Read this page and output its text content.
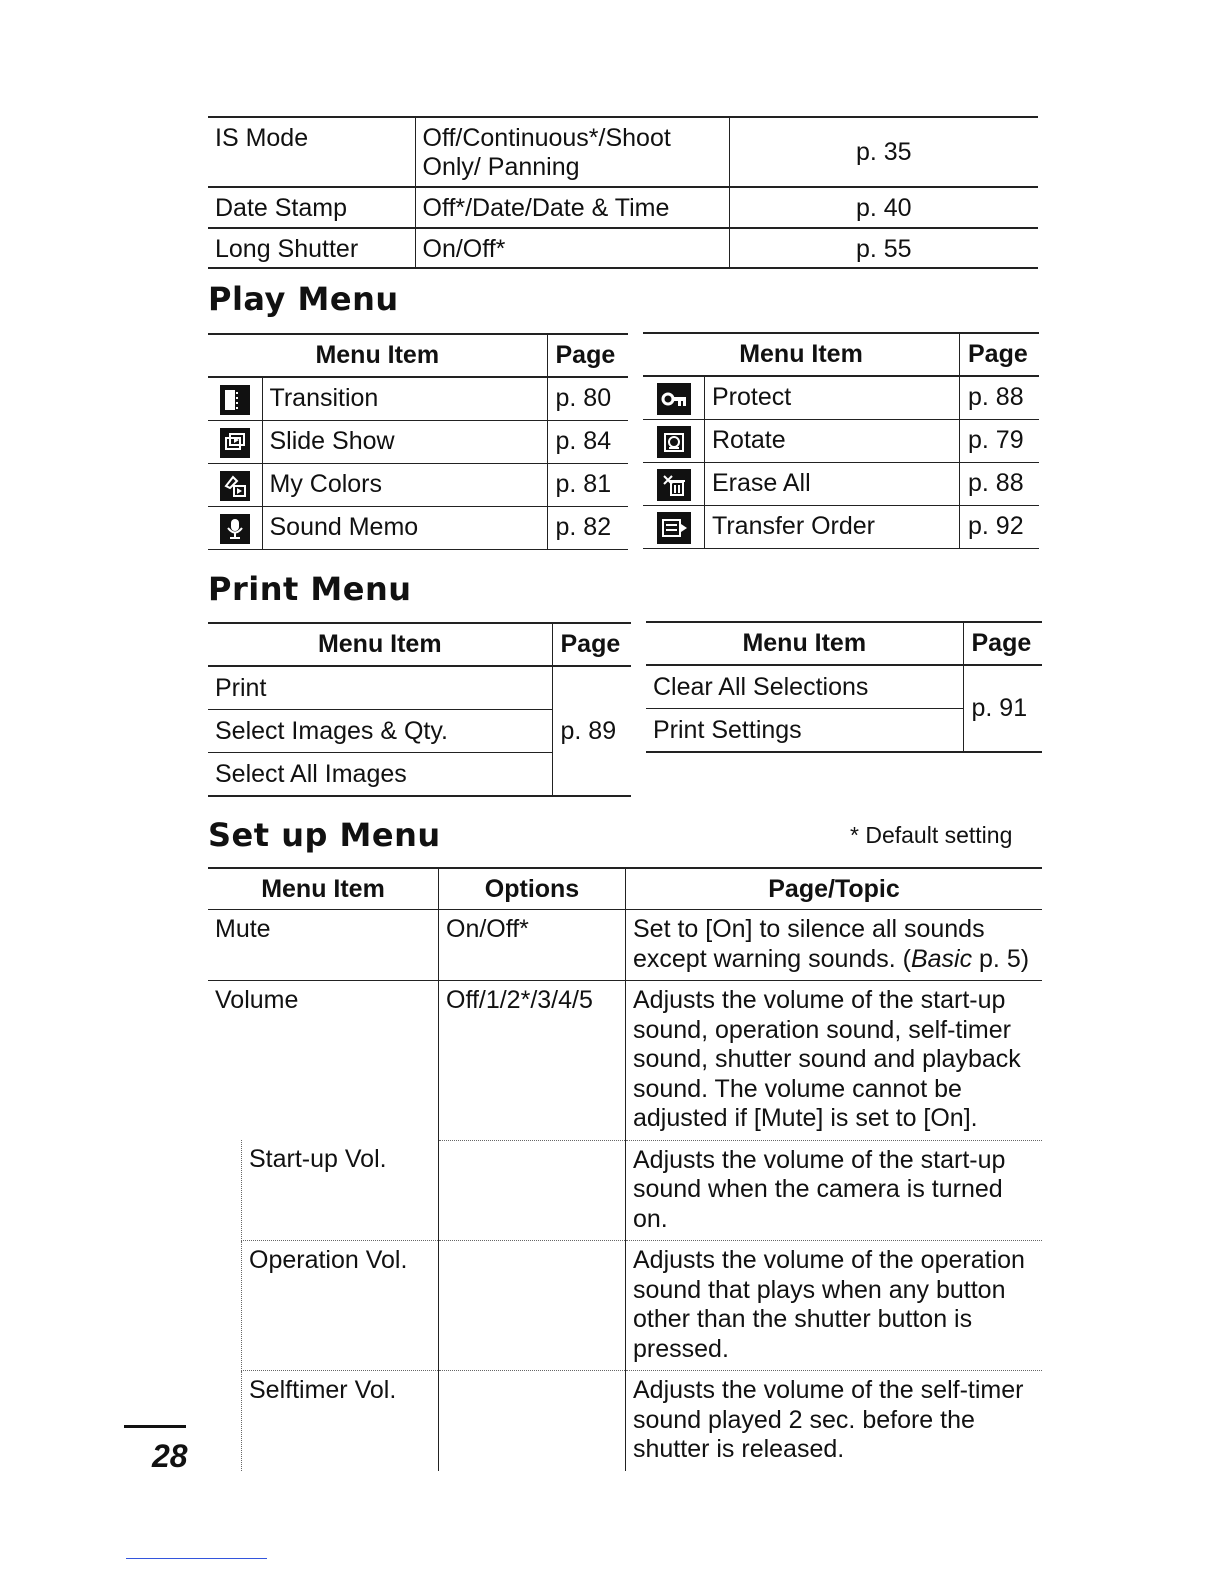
IS Mode	Off/Continuous*/Shoot Only/ Panning	p. 35
Date Stamp	Off*/Date/Date & Time	p. 40
Long Shutter	On/Off*	p. 55
Play Menu
Menu Item		Page

	Transition	p. 80

	Slide Show	p. 84

	My Colors	p. 81

	Sound Memo	p. 82
Menu Item		Page

	Protect	p. 88

	Rotate	p. 79

	Erase All	p. 88

	Transfer Order	p. 92
Print Menu
Menu Item	Page
Print	p. 89
Select Images & Qty.	
Select All Images	
Menu Item	Page
Clear All Selections	p. 91
Print Settings	
Set up Menu	* Default setting
Menu Item		Options	Page/Topic
Mute		On/Off*	Set to [On] to silence all sounds except warning sounds. (Basic p. 5)
Volume		Off/1/2*/3/4/5	Adjusts the volume of the start-up sound, operation sound, self-timer sound, shutter sound and playback sound. The volume cannot be adjusted if [Mute] is set to [On].
	Start-up Vol.		Adjusts the volume of the start-up sound when the camera is turned on.
	Operation Vol.		Adjusts the volume of the operation sound that plays when any button other than the shutter button is pressed.
	Selftimer Vol.		Adjusts the volume of the self-timer sound played 2 sec. before the shutter is released.
28
